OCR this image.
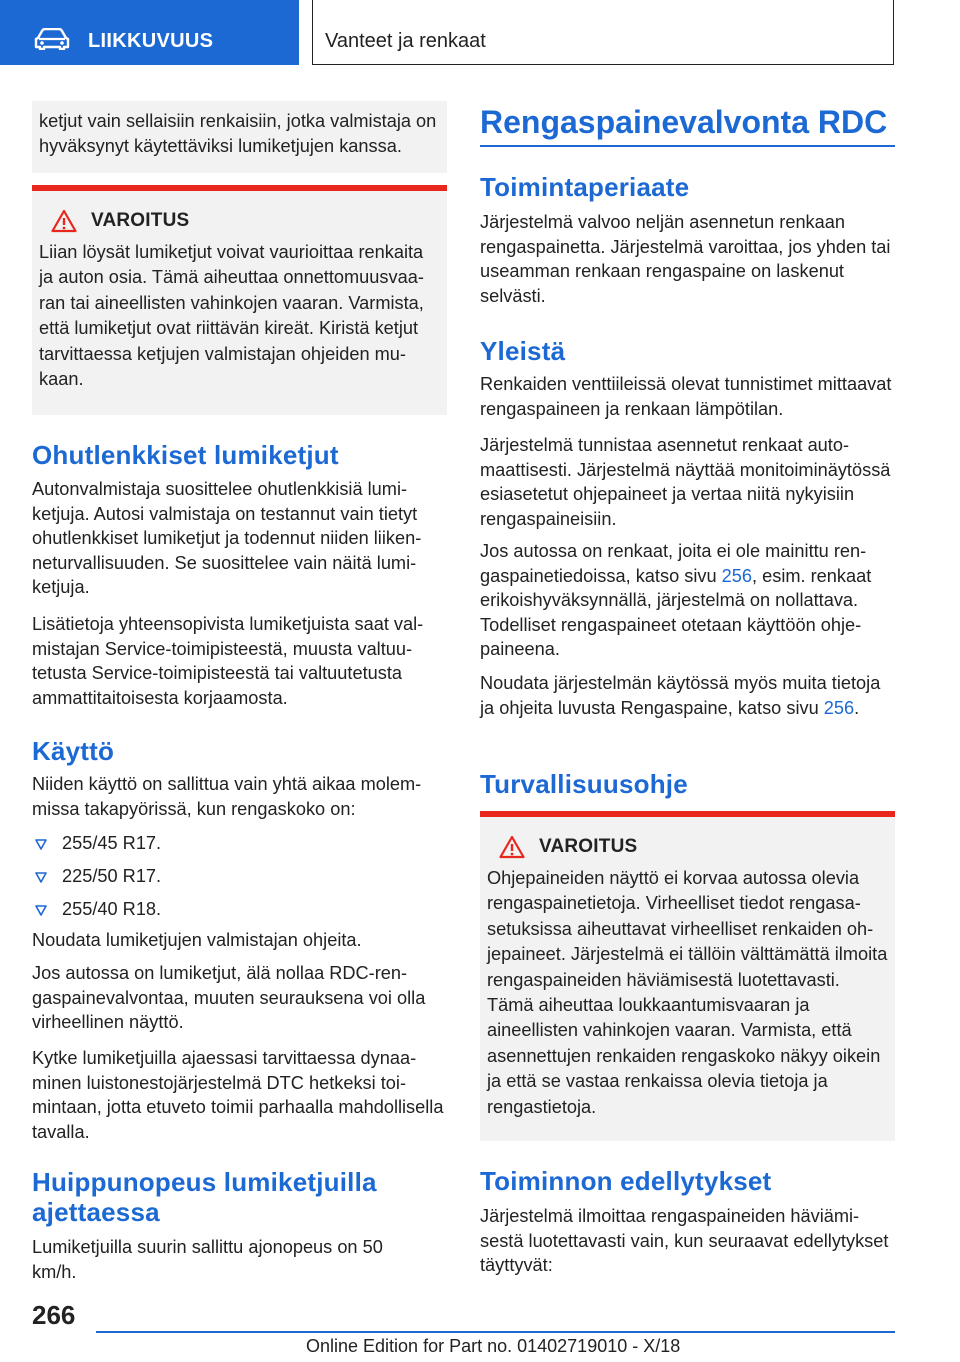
LIIKKUVUUS	Vanteet ja renkaat

ketjut vain sellaisiin renkaisiin, jotka valmistaja on hyväksynyt käytettäviksi lumiketjujen kanssa.

VAROITUS

Liian löysät lumiketjut voivat vaurioittaa renkaita ja auton osia. Tämä aiheuttaa onnettomuusvaaran tai aineellisten vahinkojen vaaran. Varmista, että lumiketjut ovat riittävän kireät. Kiristä ketjut tarvittaessa ketjujen valmistajan ohjeiden mukaan.

Ohutlenkkiset lumiketjut

Autonvalmistaja suosittelee ohutlenkkisiä lumiketjuja. Autosi valmistaja on testannut vain tietyt ohutlenkkiset lumiketjut ja todennut niiden liikenneturvallisuuden. Se suosittelee vain näitä lumiketjuja.

Lisätietoja yhteensopivista lumiketjuista saat valmistajan Service-toimipisteestä, muusta valtuutetusta Service-toimipisteestä tai valtuutetusta ammattitaitoisesta korjaamosta.

Käyttö

Niiden käyttö on sallittua vain yhtä aikaa molemmissa takapyörissä, kun rengaskoko on:

255/45 R17.
225/50 R17.
255/40 R18.

Noudata lumiketjujen valmistajan ohjeita.

Jos autossa on lumiketjut, älä nollaa RDC-rengaspainevalvontaa, muuten seurauksena voi olla virheellinen näyttö.

Kytke lumiketjuilla ajaessasi tarvittaessa dynaaminen luistonestojärjestelmä DTC hetkeksi toimintaan, jotta etuveto toimii parhaalla mahdollisella tavalla.

Huippunopeus lumiketjuilla ajettaessa

Lumiketjuilla suurin sallittu ajonopeus on 50 km/h.

Rengaspainevalvonta RDC
Toimintaperiaate

Järjestelmä valvoo neljän asennetun renkaan rengaspainetta. Järjestelmä varoittaa, jos yhden tai useamman renkaan rengaspaine on laskenut selvästi.

Yleistä

Renkaiden venttiileissä olevat tunnistimet mittaavat rengaspaineen ja renkaan lämpötilan.

Järjestelmä tunnistaa asennetut renkaat automaattisesti. Järjestelmä näyttää monitoiminäytössä esiasetetut ohjepaineet ja vertaa niitä nykyisiin rengaspaineisiin.

Jos autossa on renkaat, joita ei ole mainittu rengaspainetiedoissa, katso sivu 256, esim. renkaat erikoishyväksynnällä, järjestelmä on nollattava. Todelliset rengaspaineet otetaan käyttöön ohjepaineena.

Noudata järjestelmän käytössä myös muita tietoja ja ohjeita luvusta Rengaspaine, katso sivu 256.

Turvallisuusohje
VAROITUS

Ohjepaineiden näyttö ei korvaa autossa olevia rengaspainetietoja. Virheelliset tiedot rengasasetuksissa aiheuttavat virheelliset renkaiden ohjepaineet. Järjestelmä ei tällöin välttämättä ilmoita rengaspaineiden häviämisestä luotettavasti. Tämä aiheuttaa loukkaantumisvaaran ja aineellisten vahinkojen vaaran. Varmista, että asennettujen renkaiden rengaskoko näkyy oikein ja että se vastaa renkaissa olevia tietoja ja rengastietoja.

Toiminnon edellytykset

Järjestelmä ilmoittaa rengaspaineiden häviämisestä luotettavasti vain, kun seuraavat edellytykset täyttyvät:

266
Online Edition for Part no. 01402719010 - X/18
